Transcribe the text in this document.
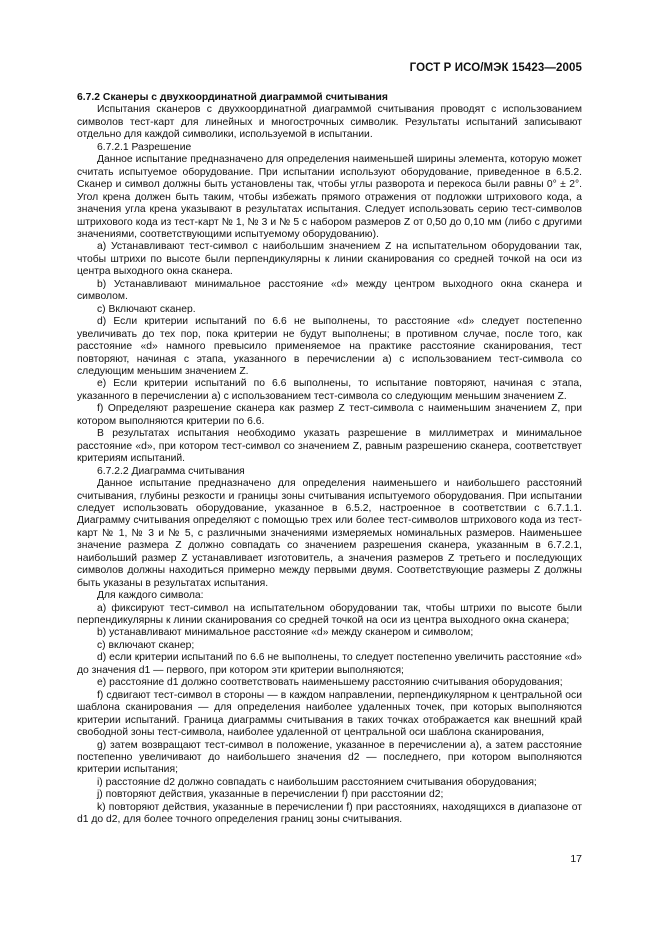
ГОСТ Р ИСО/МЭК 15423—2005

6.7.2 Сканеры с двухкоординатной диаграммой считывания

Испытания сканеров с двухкоординатной диаграммой считывания проводят с использованием символов тест-карт для линейных и многострочных символик. Результаты испытаний записывают отдельно для каждой символики, используемой в испытании.

6.7.2.1 Разрешение

Данное испытание предназначено для определения наименьшей ширины элемента, которую может считать испытуемое оборудование. При испытании используют оборудование, приведенное в 6.5.2. Сканер и символ должны быть установлены так, чтобы углы разворота и перекоса были равны 0° ± 2°. Угол крена должен быть таким, чтобы избежать прямого отражения от подложки штрихового кода, а значения угла крена указывают в результатах испытания. Следует использовать серию тест-символов штрихового кода из тест-карт № 1, № 3 и № 5 с набором размеров Z от 0,50 до 0,10 мм (либо с другими значениями, соответствующими испытуемому оборудованию).

a) Устанавливают тест-символ с наибольшим значением Z на испытательном оборудовании так, чтобы штрихи по высоте были перпендикулярны к линии сканирования со средней точкой на оси из центра выходного окна сканера.

b) Устанавливают минимальное расстояние «d» между центром выходного окна сканера и символом.

c) Включают сканер.

d) Если критерии испытаний по 6.6 не выполнены, то расстояние «d» следует постепенно увеличивать до тех пор, пока критерии не будут выполнены; в противном случае, после того, как расстояние «d» намного превысило применяемое на практике расстояние сканирования, тест повторяют, начиная с этапа, указанного в перечислении а) с использованием тест-символа со следующим меньшим значением Z.

e) Если критерии испытаний по 6.6 выполнены, то испытание повторяют, начиная с этапа, указанного в перечислении а) с использованием тест-символа со следующим меньшим значением Z.

f) Определяют разрешение сканера как размер Z тест-символа с наименьшим значением Z, при котором выполняются критерии по 6.6.

В результатах испытания необходимо указать разрешение в миллиметрах и минимальное расстояние «d», при котором тест-символ со значением Z, равным разрешению сканера, соответствует критериям испытаний.

6.7.2.2 Диаграмма считывания

Данное испытание предназначено для определения наименьшего и наибольшего расстояний считывания, глубины резкости и границы зоны считывания испытуемого оборудования. При испытании следует использовать оборудование, указанное в 6.5.2, настроенное в соответствии с 6.7.1.1. Диаграмму считывания определяют с помощью трех или более тест-символов штрихового кода из тест-карт № 1, № 3 и № 5, с различными значениями измеряемых номинальных размеров. Наименьшее значение размера Z должно совпадать со значением разрешения сканера, указанным в 6.7.2.1, наибольший размер Z устанавливает изготовитель, а значения размеров Z третьего и последующих символов должны находиться примерно между первыми двумя. Соответствующие размеры Z должны быть указаны в результатах испытания.

Для каждого символа:

a) фиксируют тест-символ на испытательном оборудовании так, чтобы штрихи по высоте были перпендикулярны к линии сканирования со средней точкой на оси из центра выходного окна сканера;

b) устанавливают минимальное расстояние «d» между сканером и символом;

c) включают сканер;

d) если критерии испытаний по 6.6 не выполнены, то следует постепенно увеличить расстояние «d» до значения d1 — первого, при котором эти критерии выполняются;

e) расстояние d1 должно соответствовать наименьшему расстоянию считывания оборудования;

f) сдвигают тест-символ в стороны — в каждом направлении, перпендикулярном к центральной оси шаблона сканирования — для определения наиболее удаленных точек, при которых выполняются критерии испытаний. Граница диаграммы считывания в таких точках отображается как внешний край свободной зоны тест-символа, наиболее удаленной от центральной оси шаблона сканирования,

g) затем возвращают тест-символ в положение, указанное в перечислении а), а затем расстояние постепенно увеличивают до наибольшего значения d2 — последнего, при котором выполняются критерии испытания;

i) расстояние d2 должно совпадать с наибольшим расстоянием считывания оборудования;

j) повторяют действия, указанные в перечислении f) при расстоянии d2;

k) повторяют действия, указанные в перечислении f) при расстояниях, находящихся в диапазоне от d1 до d2, для более точного определения границ зоны считывания.

17
